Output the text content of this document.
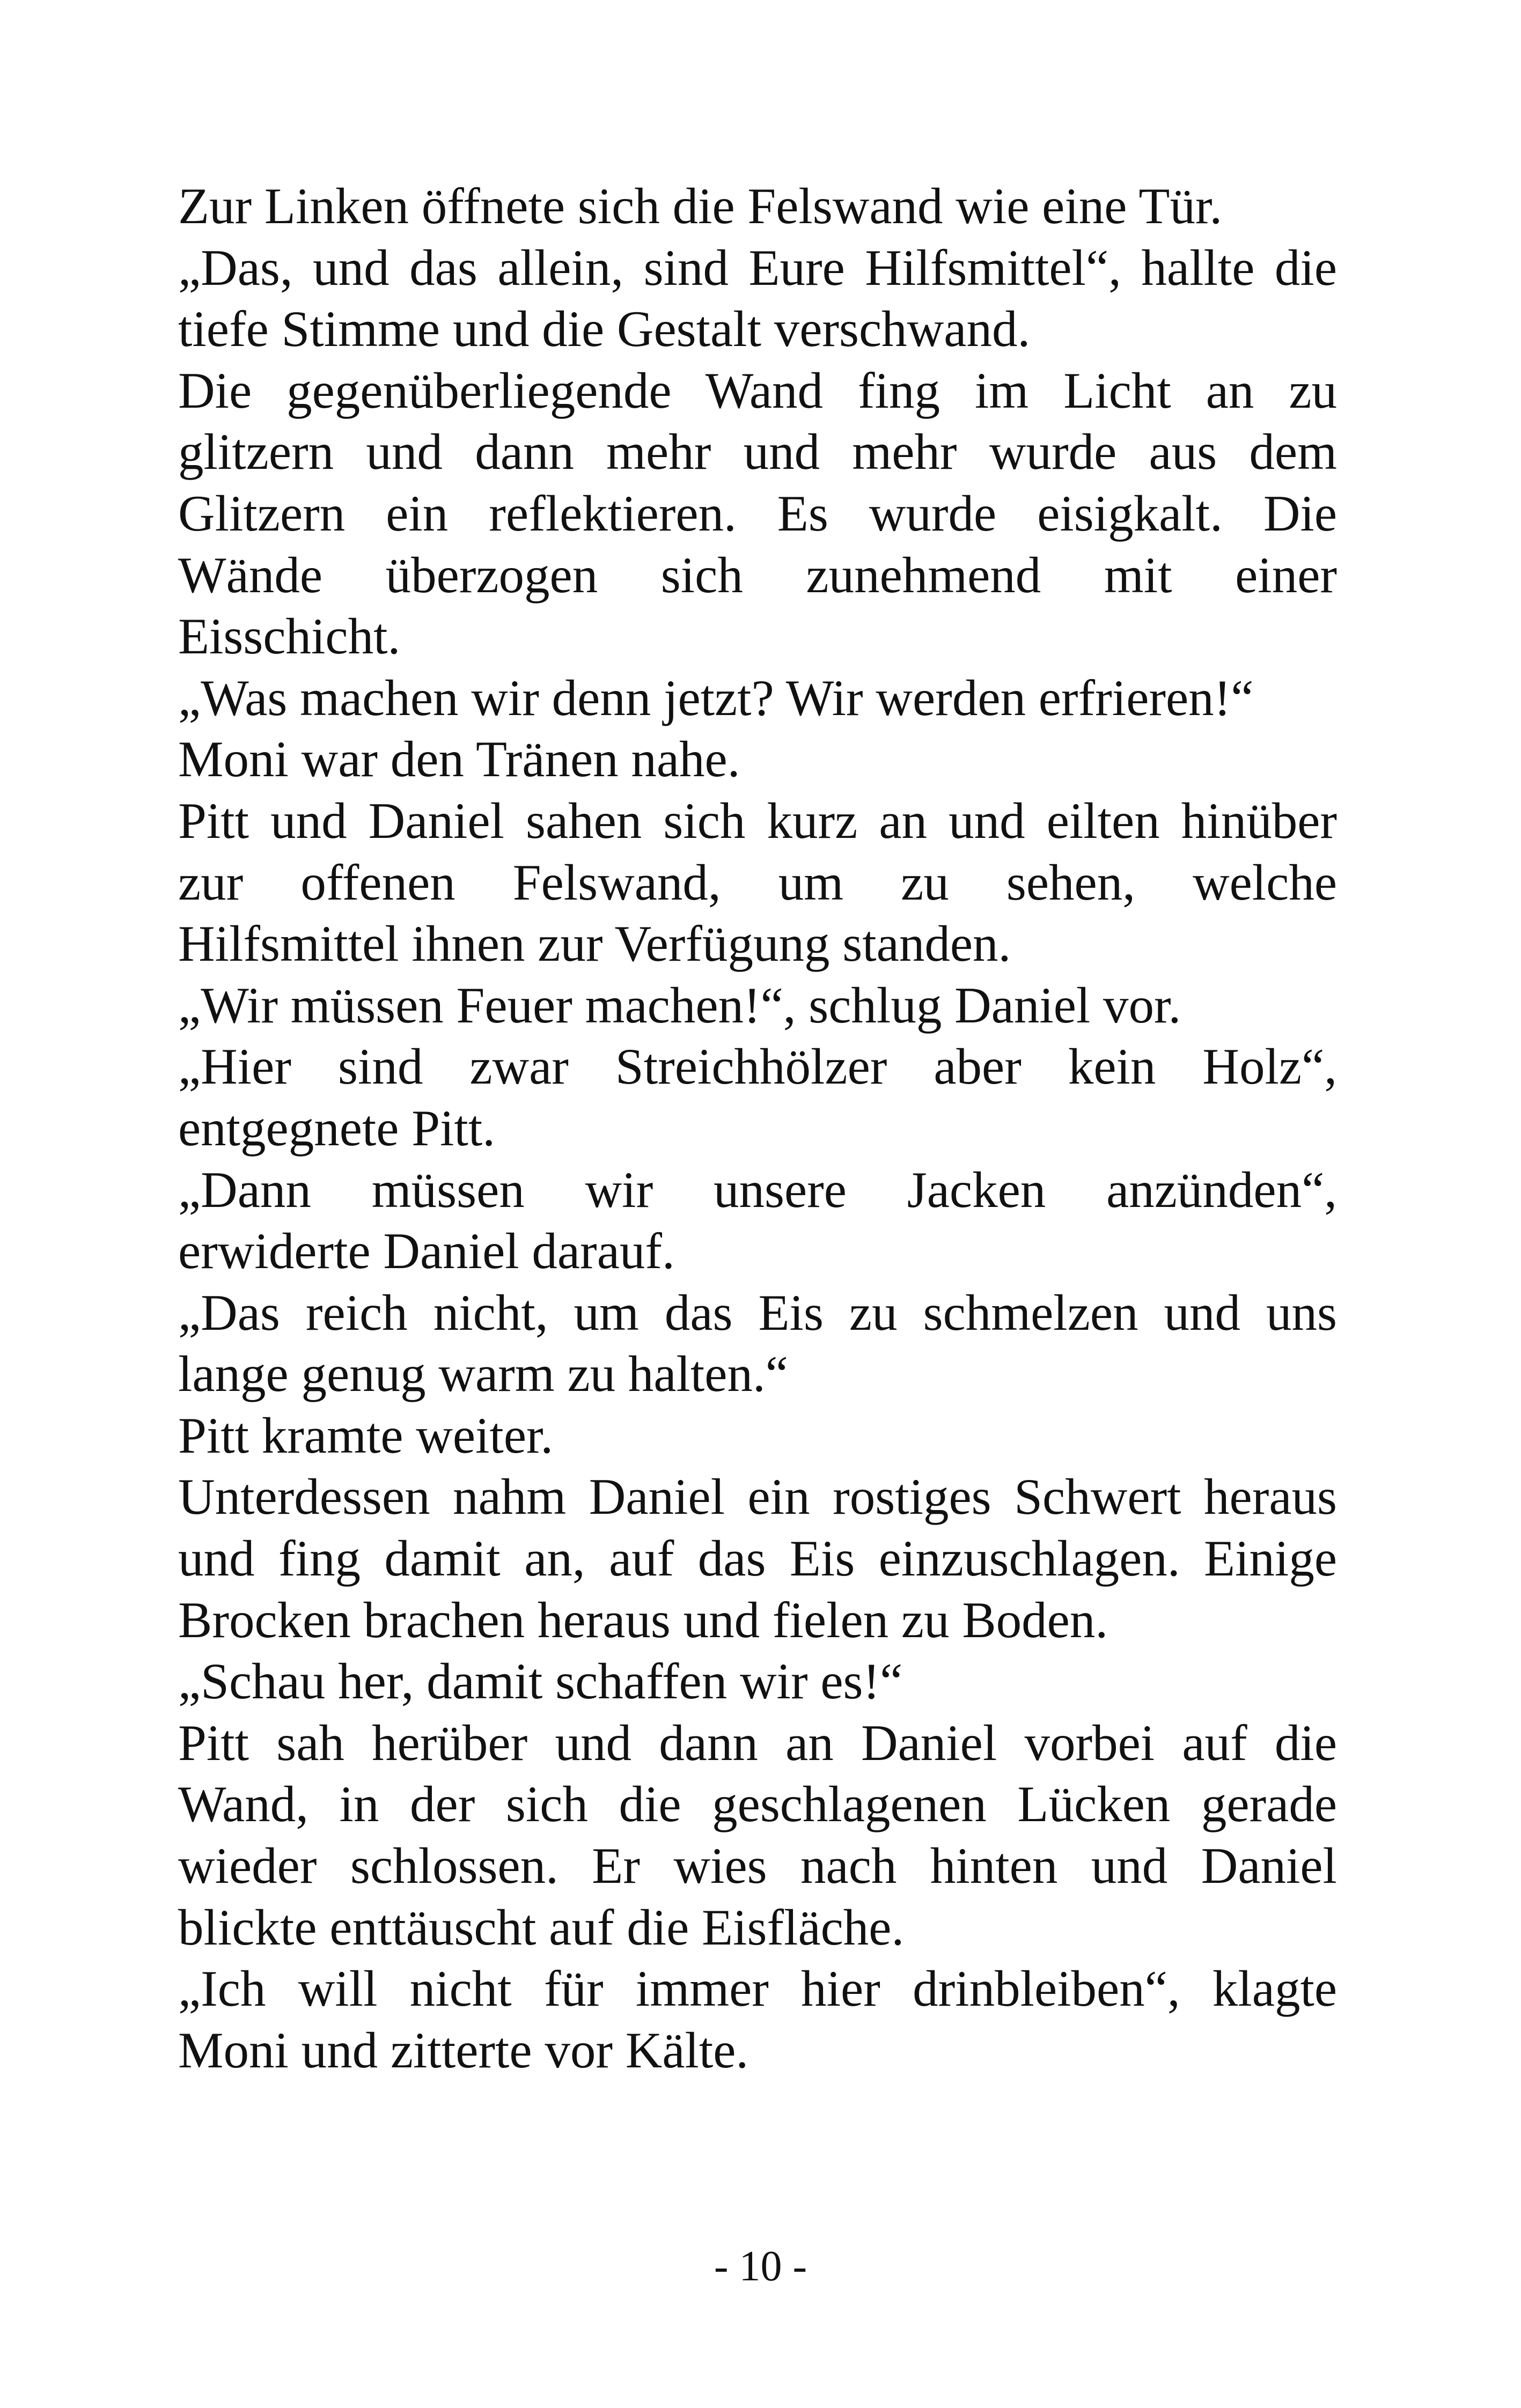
Zur Linken öffnete sich die Felswand wie eine Tür.
„Das, und das allein, sind Eure Hilfsmittel“, hallte die
tiefe Stimme und die Gestalt verschwand.
Die gegenüberliegende Wand fing im Licht an zu
glitzern und dann mehr und mehr wurde aus dem
Glitzern ein reflektieren. Es wurde eisigkalt. Die
Wände überzogen sich zunehmend mit einer
Eisschicht.
„Was machen wir denn jetzt? Wir werden erfrieren!“
Moni war den Tränen nahe.
Pitt und Daniel sahen sich kurz an und eilten hinüber
zur offenen Felswand, um zu sehen, welche
Hilfsmittel ihnen zur Verfügung standen.
„Wir müssen Feuer machen!“, schlug Daniel vor.
„Hier sind zwar Streichhölzer aber kein Holz“,
entgegnete Pitt.
„Dann müssen wir unsere Jacken anzünden“,
erwiderte Daniel darauf.
„Das reich nicht, um das Eis zu schmelzen und uns
lange genug warm zu halten.“
Pitt kramte weiter.
Unterdessen nahm Daniel ein rostiges Schwert heraus
und fing damit an, auf das Eis einzuschlagen. Einige
Brocken brachen heraus und fielen zu Boden.
„Schau her, damit schaffen wir es!“
Pitt sah herüber und dann an Daniel vorbei auf die
Wand, in der sich die geschlagenen Lücken gerade
wieder schlossen. Er wies nach hinten und Daniel
blickte enttäuscht auf die Eisfläche.
„Ich will nicht für immer hier drinbleiben“, klagte
Moni und zitterte vor Kälte.
- 10 -
